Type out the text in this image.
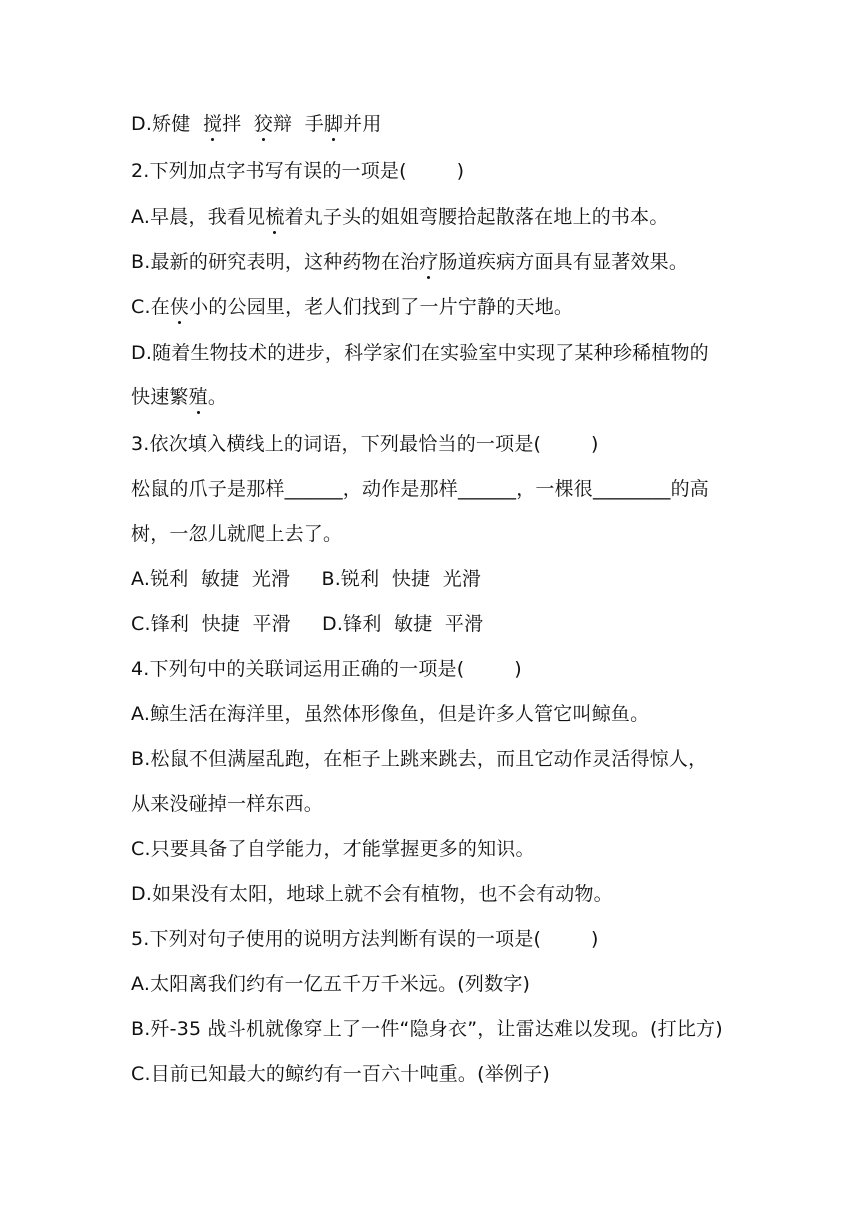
D.矫健  搅拌  狡辩  手脚并用
2.下列加点字书写有误的一项是(        )
A.早晨，我看见梳着丸子头的姐姐弯腰拾起散落在地上的书本。
B.最新的研究表明，这种药物在治疗肠道疾病方面具有显著效果。
C.在侠小的公园里，老人们找到了一片宁静的天地。
D.随着生物技术的进步，科学家们在实验室中实现了某种珍稀植物的
快速繁殖。
3.依次填入横线上的词语，下列最恰当的一项是(        )
松鼠的爪子是那样______，动作是那样______，一棵很________的高
树，一忽儿就爬上去了。
A.锐利  敏捷  光滑     B.锐利  快捷  光滑
C.锋利  快捷  平滑     D.锋利  敏捷  平滑
4.下列句中的关联词运用正确的一项是(        )
A.鲸生活在海洋里，虽然体形像鱼，但是许多人管它叫鲸鱼。
B.松鼠不但满屋乱跑，在柜子上跳来跳去，而且它动作灵活得惊人，
从来没碰掉一样东西。
C.只要具备了自学能力，才能掌握更多的知识。
D.如果没有太阳，地球上就不会有植物，也不会有动物。
5.下列对句子使用的说明方法判断有误的一项是(        )
A.太阳离我们约有一亿五千万千米远。(列数字)
B.歼-35 战斗机就像穿上了一件“隐身衣”，让雷达难以发现。(打比方)
C.目前已知最大的鲸约有一百六十吨重。(举例子)
